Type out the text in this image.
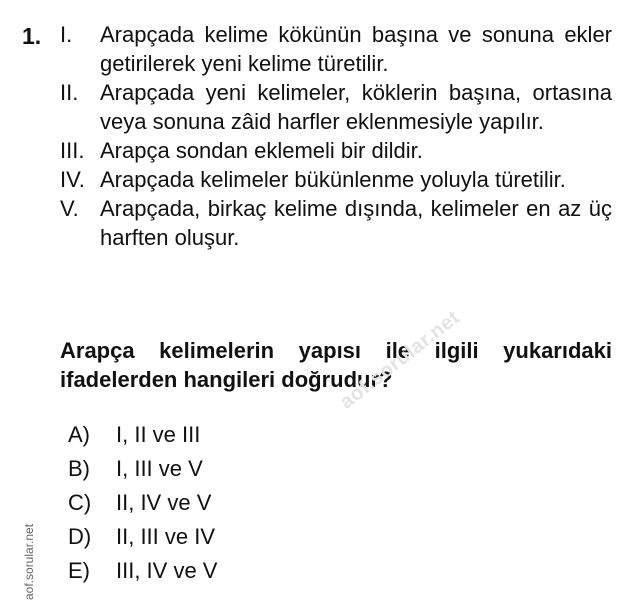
1. I.	Arapçada kelime kökünün başına ve sonuna ekler getirilerek yeni kelime türetilir.
II. Arapçada yeni kelimeler, köklerin başına, ortasına veya sonuna zâid harfler eklenmesiyle yapılır.
III. Arapça sondan eklemeli bir dildir.
IV. Arapçada kelimeler bükünlenme yoluyla türetilir.
V. Arapçada, birkaç kelime dışında, kelimeler en az üç harften oluşur.
Arapça kelimelerin yapısı ile ilgili yukarıdaki ifadelerden hangileri doğrudur?
A)	I, II ve III
B)	I, III ve V
C)	II, IV ve V
D)	II, III ve IV
E)	III, IV ve V
aof.sorular.net
aof.sorular.net
